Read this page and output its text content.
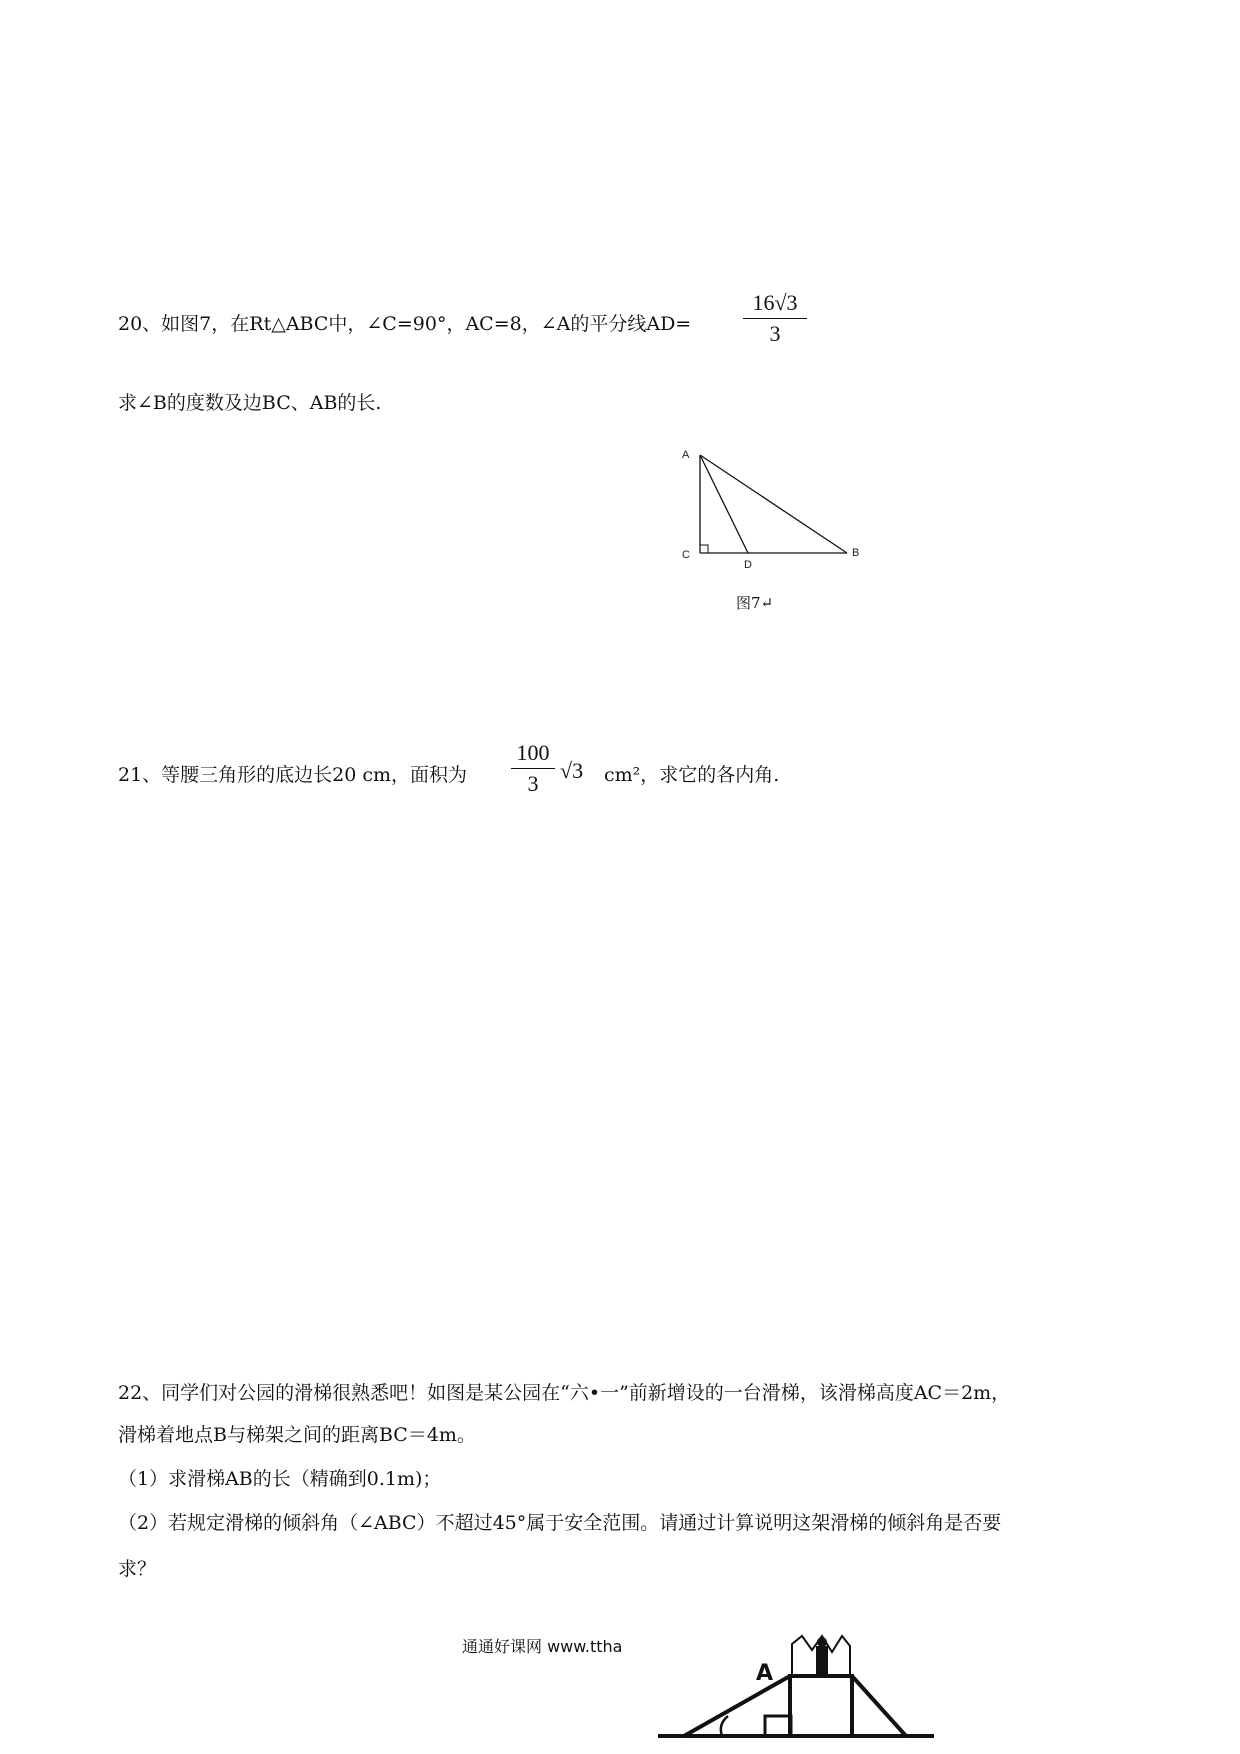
20、如图7，在Rt△ABC中，∠C=90°，AC=8，∠A的平分线AD=
16√3
3
求∠B的度数及边BC、AB的长.
A
C
D
B
图7↵
21、等腰三角形的底边长20 cm，面积为
100
3
√3 cm²，求它的各内角.
22、同学们对公园的滑梯很熟悉吧！如图是某公园在“六•一”前新增设的一台滑梯，该滑梯高度AC＝2m，
滑梯着地点B与梯架之间的距离BC＝4m。
（1）求滑梯AB的长（精确到0.1m)；
（2）若规定滑梯的倾斜角（∠ABC）不超过45°属于安全范围。请通过计算说明这架滑梯的倾斜角是否要
求？
通通好课网 www.ttha
A
